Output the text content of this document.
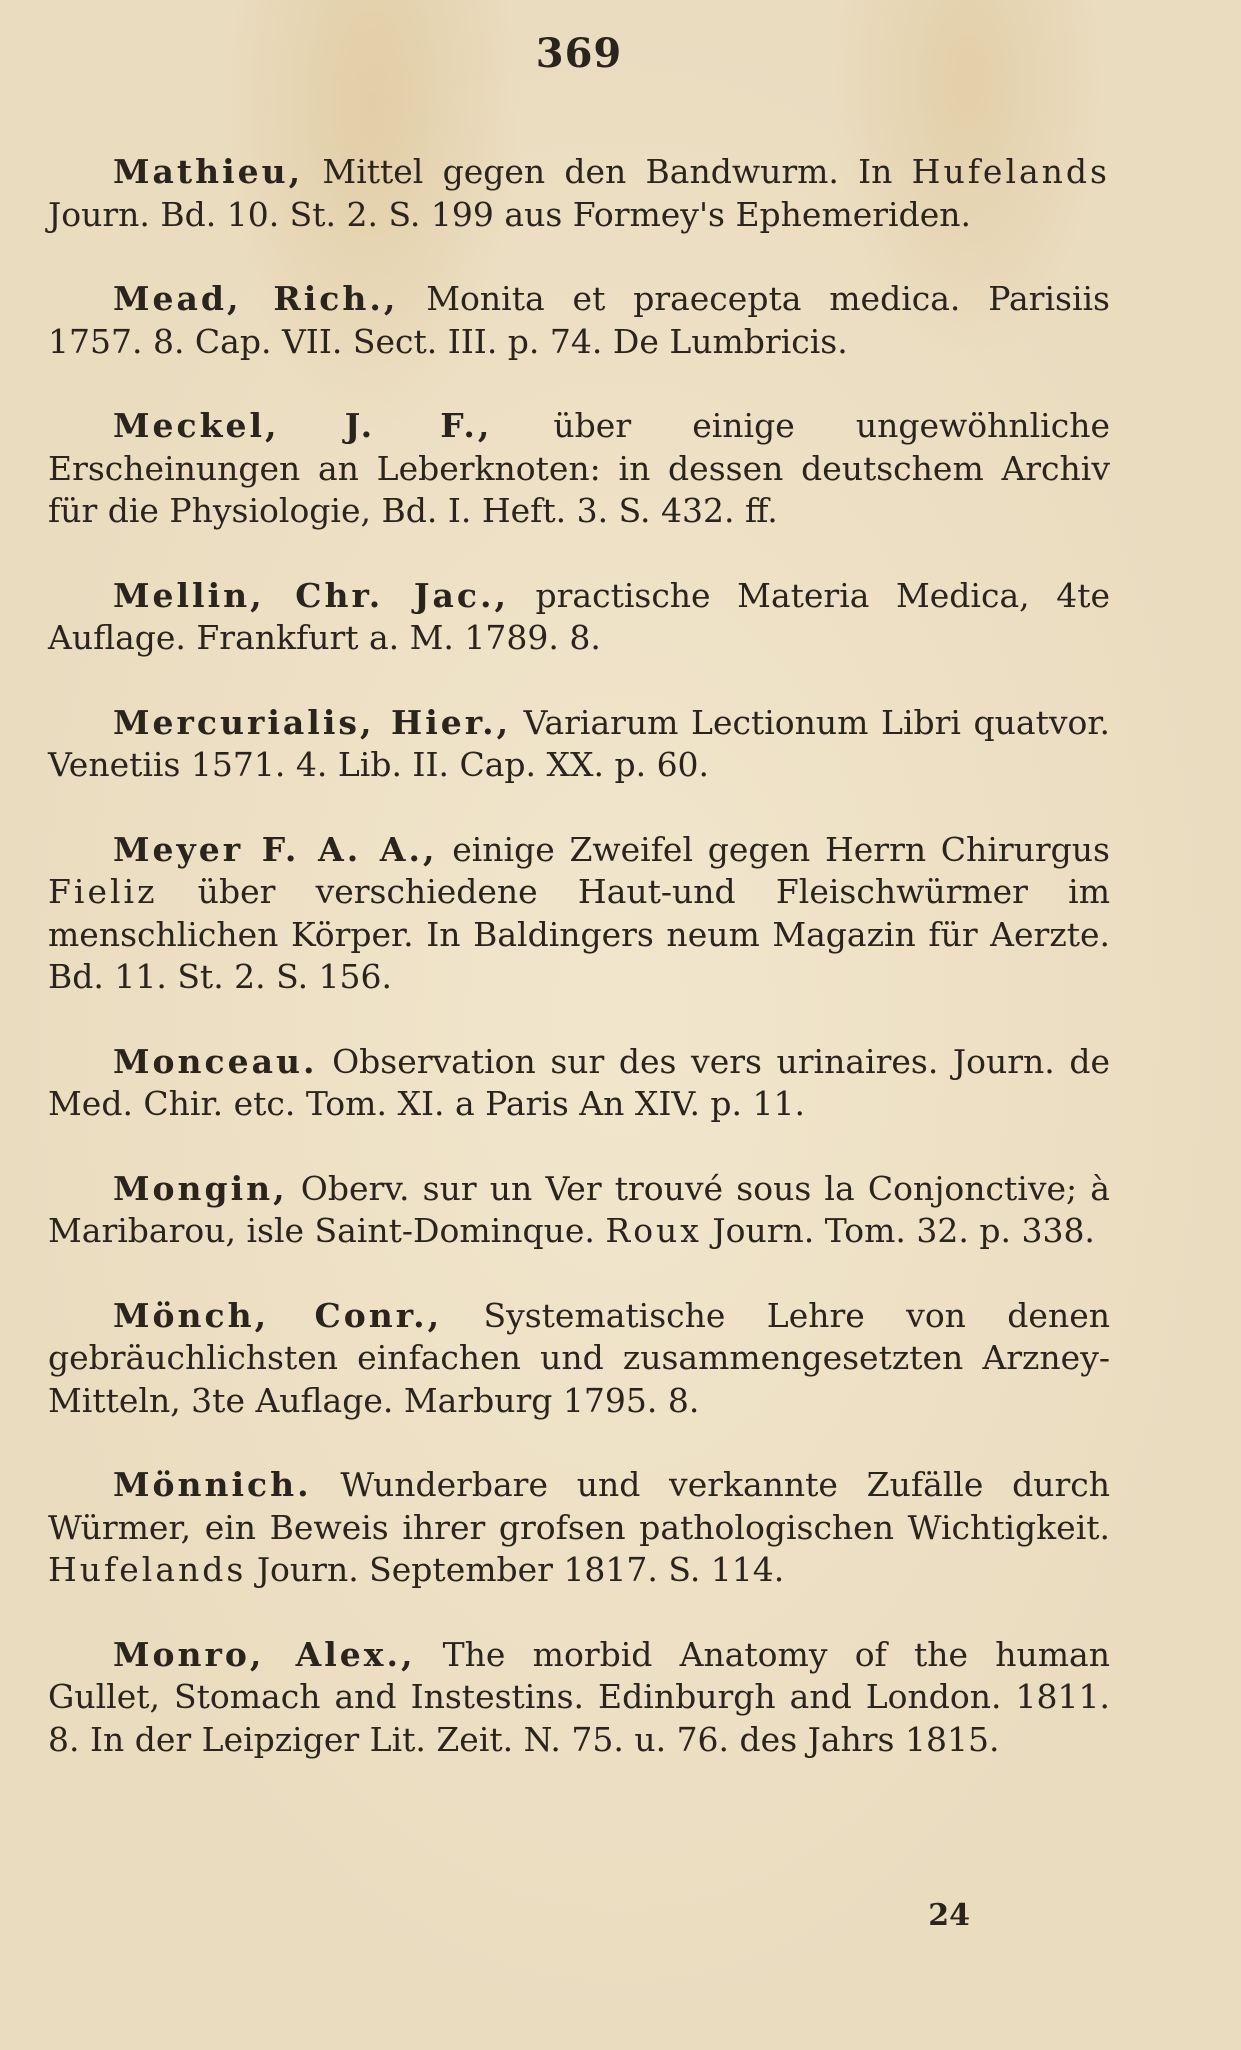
369

Mathieu, Mittel gegen den Bandwurm. In Hufelands Journ. Bd. 10. St. 2. S. 199 aus Formey's Ephemeriden.

Mead, Rich., Monita et praecepta medica. Parisiis 1757. 8. Cap. VII. Sect. III. p. 74. De Lumbricis.

Meckel, J. F., über einige ungewöhnliche Erscheinungen an Leberknoten: in dessen deutschem Archiv für die Physiologie, Bd. I. Heft. 3. S. 432. ff.

Mellin, Chr. Jac., practische Materia Medica, 4te Auflage. Frankfurt a. M. 1789. 8.

Mercurialis, Hier., Variarum Lectionum Libri quatvor. Venetiis 1571. 4. Lib. II. Cap. XX. p. 60.

Meyer F. A. A., einige Zweifel gegen Herrn Chirurgus Fieliz über verschiedene Haut-und Fleischwürmer im menschlichen Körper. In Baldingers neum Magazin für Aerzte. Bd. 11. St. 2. S. 156.

Monceau. Observation sur des vers urinaires. Journ. de Med. Chir. etc. Tom. XI. a Paris An XIV. p. 11.

Mongin, Oberv. sur un Ver trouvé sous la Conjonctive; à Maribarou, isle Saint-Dominque. Roux Journ. Tom. 32. p. 338.

Mönch, Conr., Systematische Lehre von denen gebräuchlichsten einfachen und zusammengesetzten Arzney-Mitteln, 3te Auflage. Marburg 1795. 8.

Mönnich. Wunderbare und verkannte Zufälle durch Würmer, ein Beweis ihrer grofsen pathologischen Wichtigkeit. Hufelands Journ. September 1817. S. 114.

Monro, Alex., The morbid Anatomy of the human Gullet, Stomach and Instestins. Edinburgh and London. 1811. 8. In der Leipziger Lit. Zeit. N. 75. u. 76. des Jahrs 1815.

24
